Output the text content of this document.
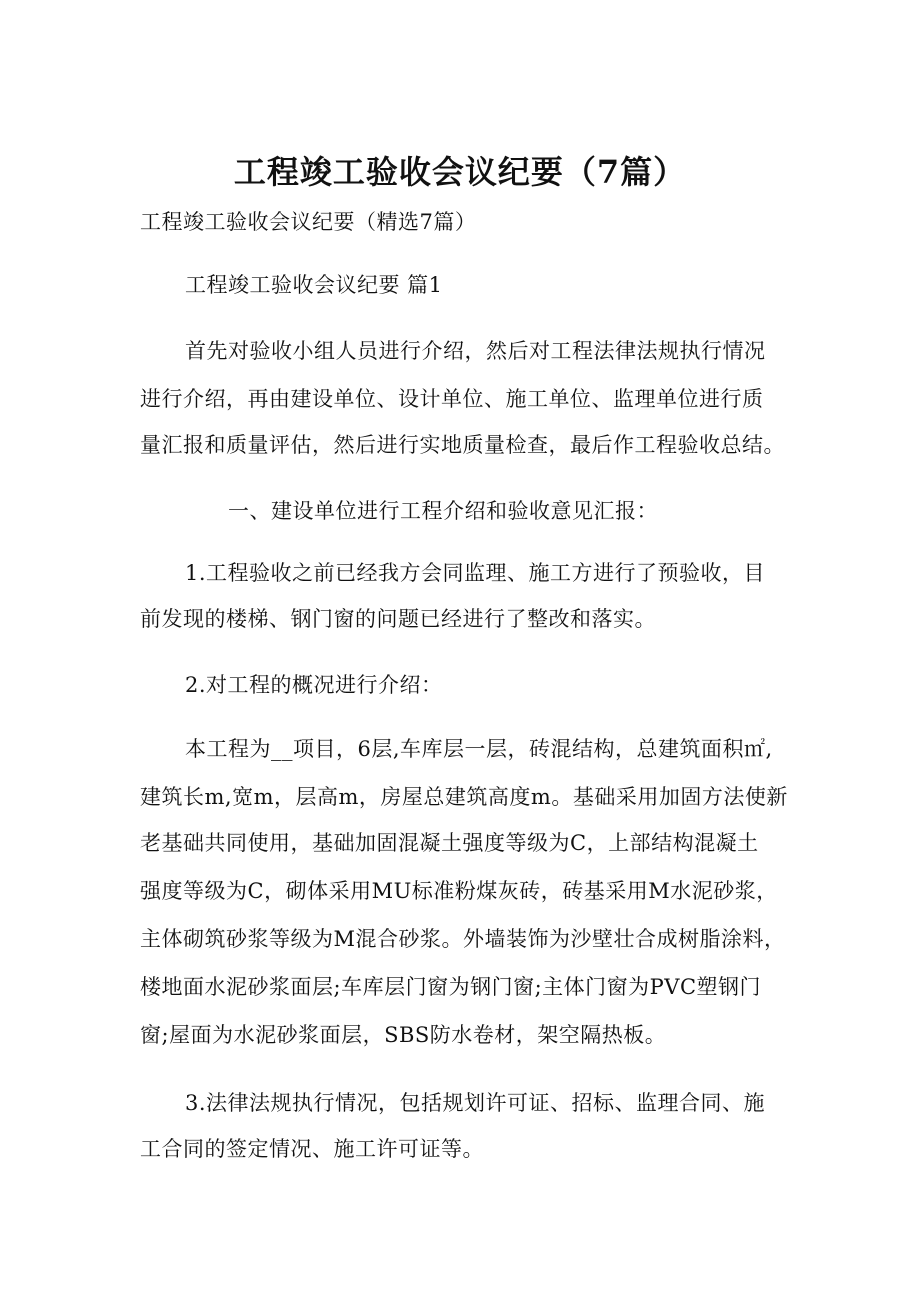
工程竣工验收会议纪要（7篇）
工程竣工验收会议纪要（精选7篇）
工程竣工验收会议纪要 篇1
首先对验收小组人员进行介绍，然后对工程法律法规执行情况
进行介绍，再由建设单位、设计单位、施工单位、监理单位进行质
量汇报和质量评估，然后进行实地质量检查，最后作工程验收总结。
一、建设单位进行工程介绍和验收意见汇报：
1.工程验收之前已经我方会同监理、施工方进行了预验收，目
前发现的楼梯、钢门窗的问题已经进行了整改和落实。
2.对工程的概况进行介绍：
本工程为__项目，6层,车库层一层，砖混结构，总建筑面积㎡,
建筑长m,宽m，层高m，房屋总建筑高度m。基础采用加固方法使新
老基础共同使用，基础加固混凝土强度等级为C，上部结构混凝土
强度等级为C，砌体采用MU标准粉煤灰砖，砖基采用M水泥砂浆，
主体砌筑砂浆等级为M混合砂浆。外墙装饰为沙壁壮合成树脂涂料，
楼地面水泥砂浆面层;车库层门窗为钢门窗;主体门窗为PVC塑钢门
窗;屋面为水泥砂浆面层，SBS防水卷材，架空隔热板。
3.法律法规执行情况，包括规划许可证、招标、监理合同、施
工合同的签定情况、施工许可证等。
